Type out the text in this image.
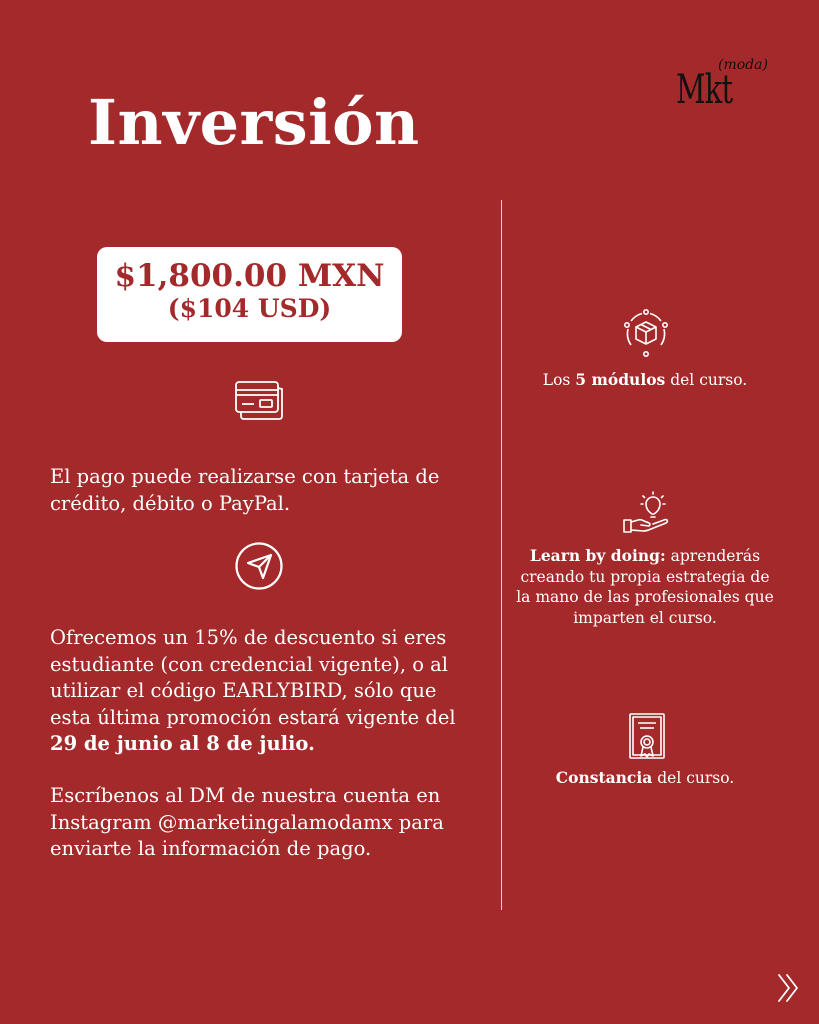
Inversión
(moda)
Mkt
$1,800.00 MXN
($104 USD)
El pago puede realizarse con tarjeta de crédito, débito o PayPal.
Ofrecemos un 15% de descuento si eres estudiante (con credencial vigente), o al utilizar el código EARLYBIRD, sólo que esta última promoción estará vigente del 29 de junio al 8 de julio.
Escríbenos al DM de nuestra cuenta en Instagram @marketingalamodamx para enviarte la información de pago.
Los 5 módulos del curso.
Learn by doing: aprenderás creando tu propia estrategia de la mano de las profesionales que imparten el curso.
Constancia del curso.
